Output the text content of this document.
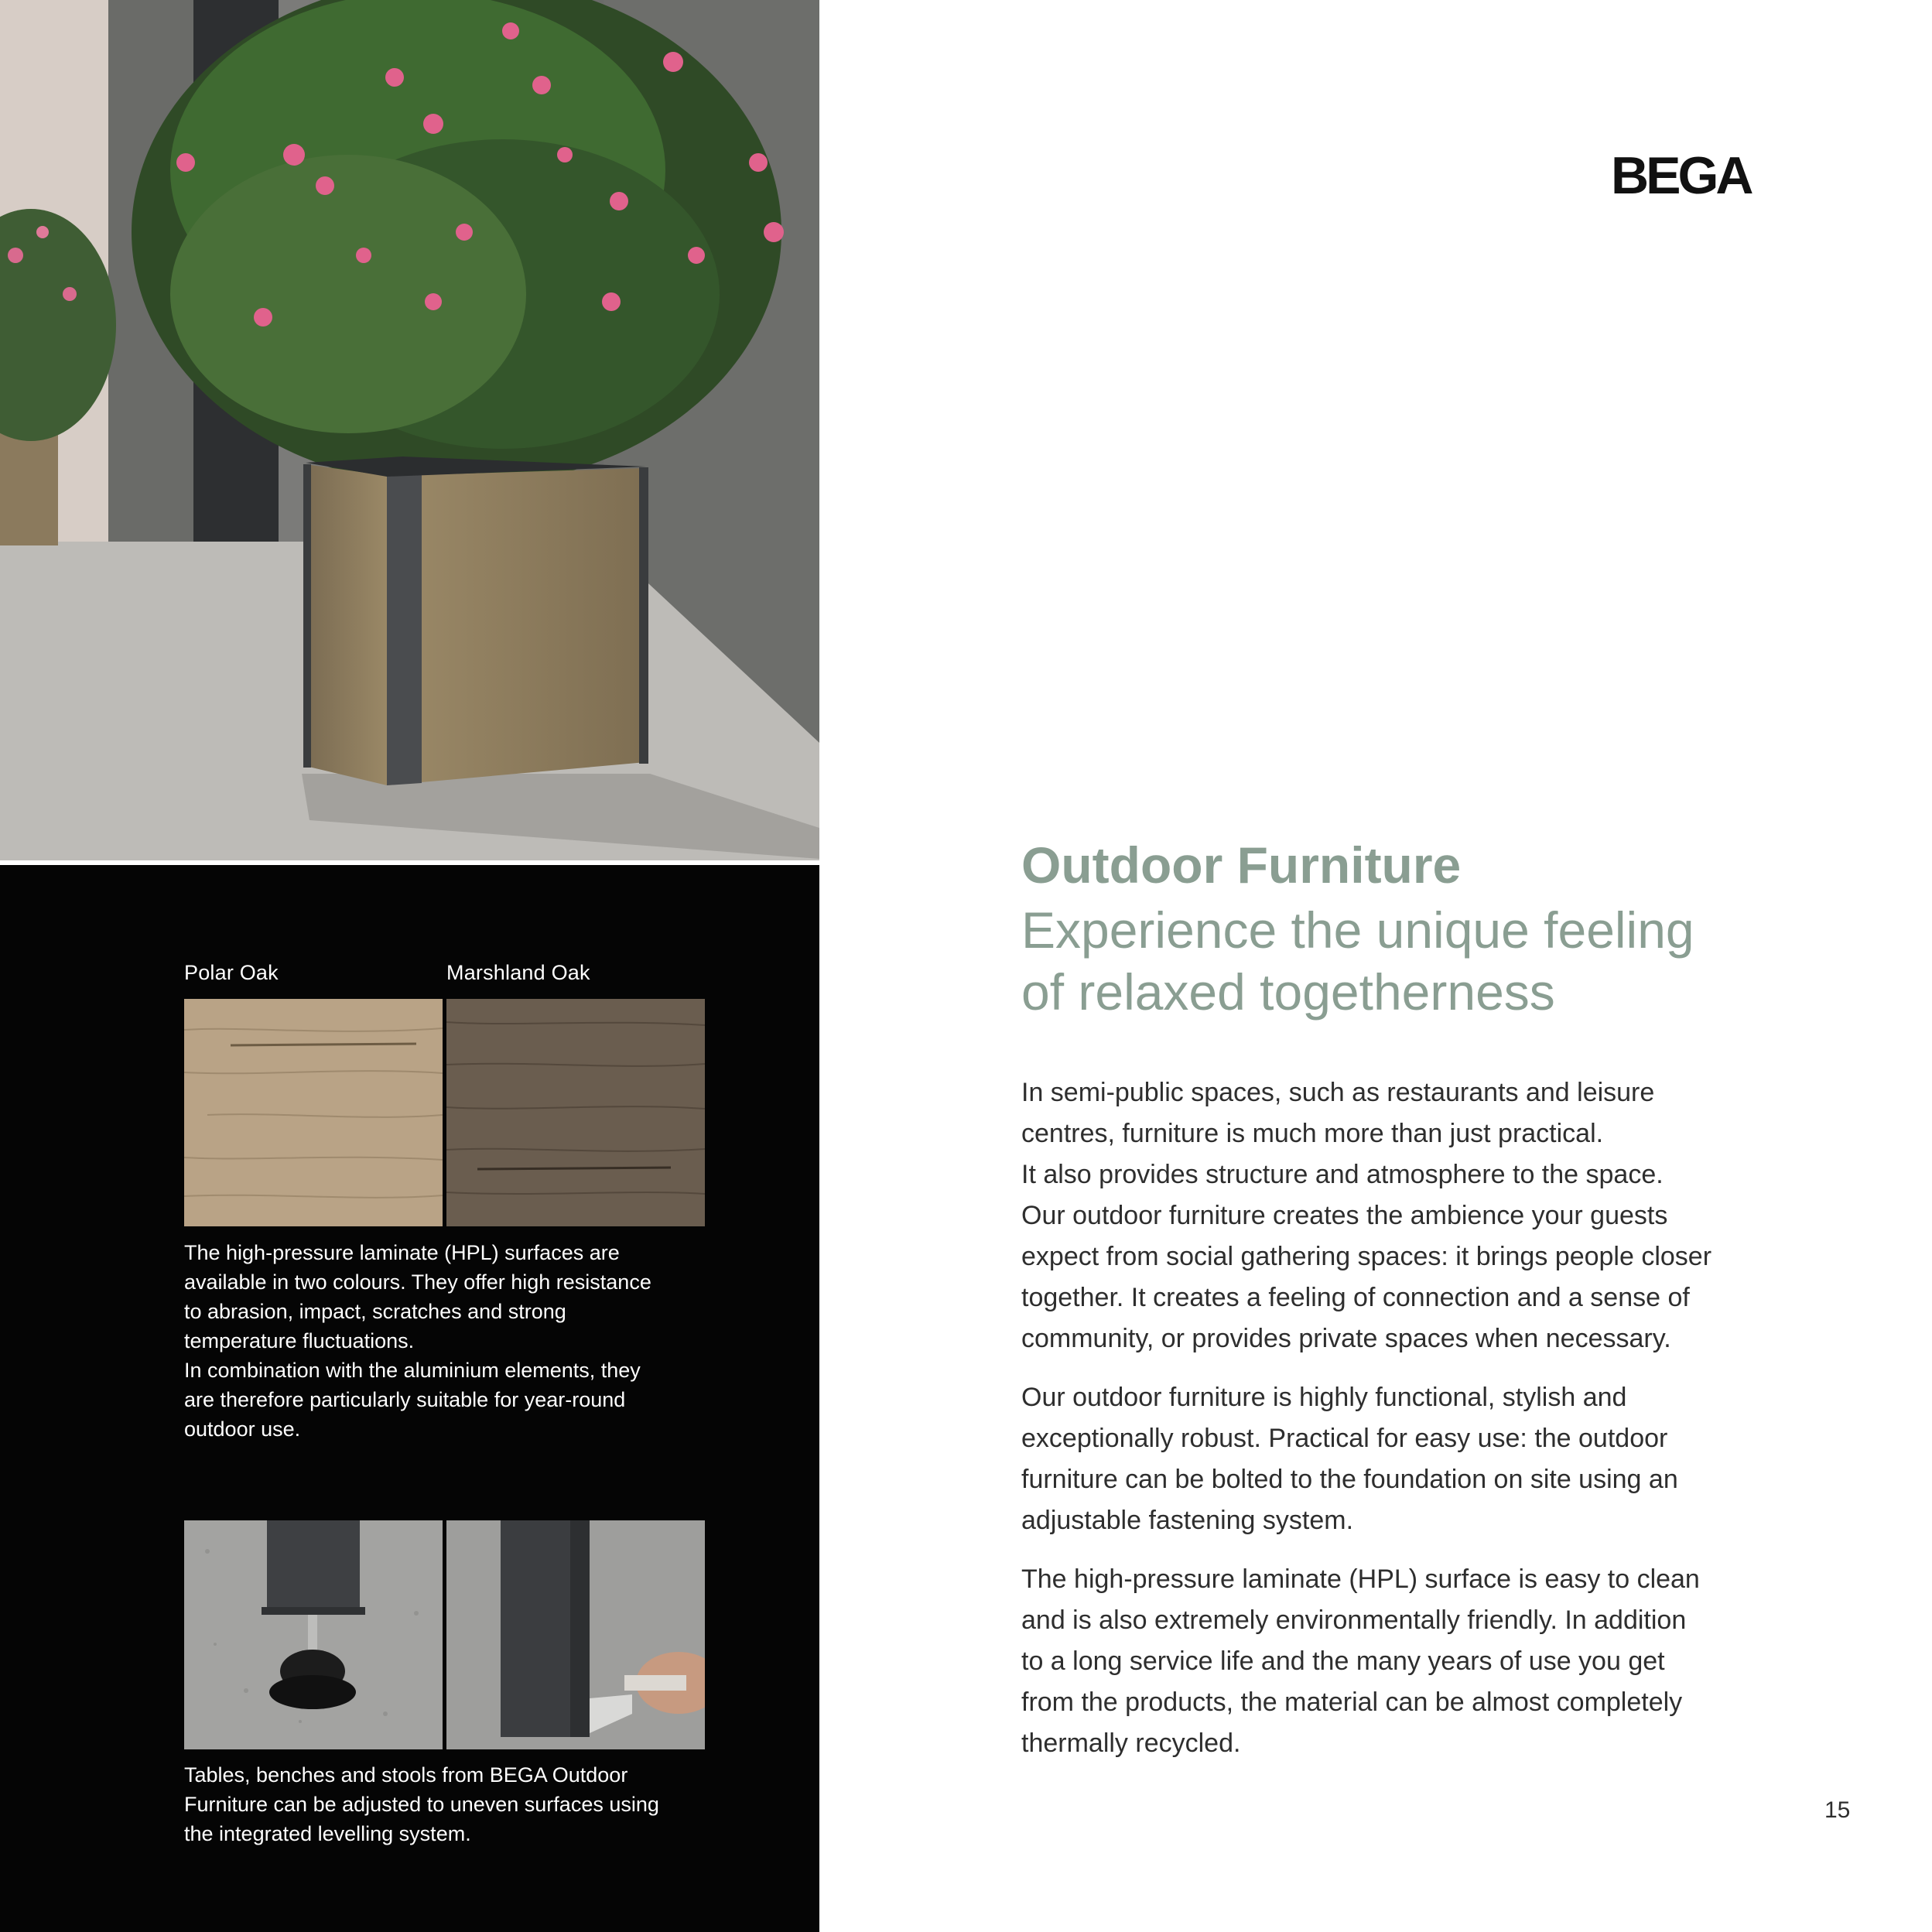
Polar Oak	Marshland Oak

The high-pressure laminate (HPL) surfaces are

available in two colours. They offer high resistance

to abrasion, impact, scratches and strong

temperature fluctuations.

In combination with the aluminium elements, they

are therefore particularly suitable for year-round

outdoor use.

Tables, benches and stools from BEGA Outdoor

Furniture can be adjusted to uneven surfaces using

the integrated levelling system.

BEGA
Outdoor Furniture
Experience the unique feeling
of relaxed togetherness

In semi-public spaces, such as restaurants and leisure
centres, furniture is much more than just practical.
It also provides structure and atmosphere to the space.
Our outdoor furniture creates the ambience your guests
expect from social gathering spaces: it brings people closer
together. It creates a feeling of connection and a sense of
community, or provides private spaces when necessary.

Our outdoor furniture is highly functional, stylish and
exceptionally robust. Practical for easy use: the outdoor
furniture can be bolted to the foundation on site using an
adjustable fastening system.

The high-pressure laminate (HPL) surface is easy to clean
and is also extremely environmentally friendly. In addition
to a long service life and the many years of use you get
from the products, the material can be almost completely
thermally recycled.

15
